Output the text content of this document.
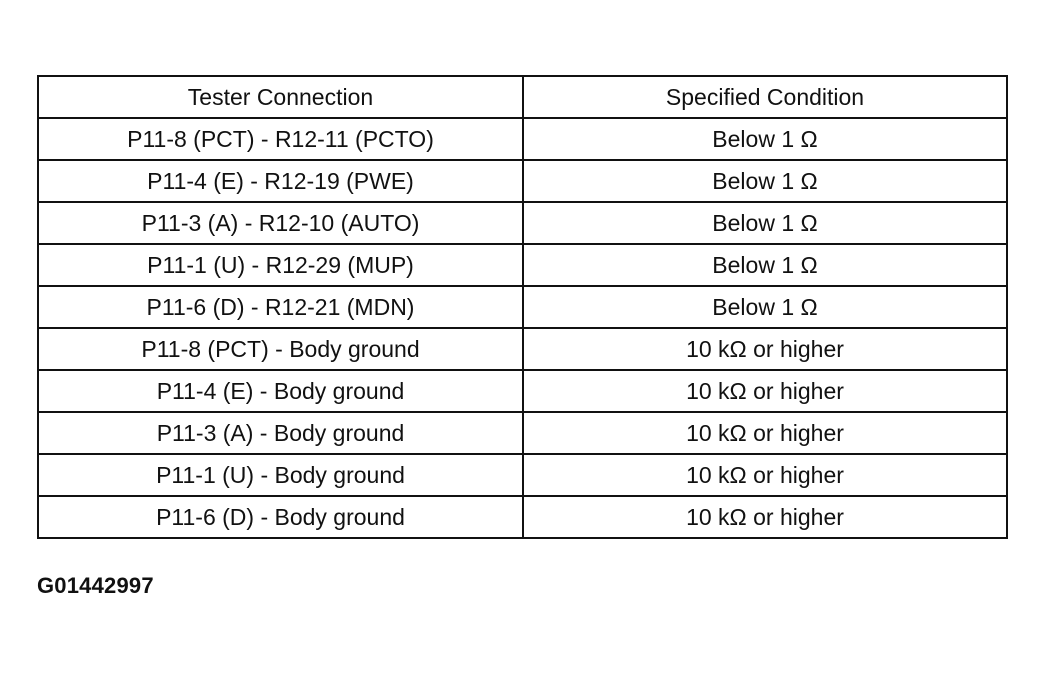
Tester Connection	Specified Condition
P11-8 (PCT) - R12-11 (PCTO)	Below 1 Ω
P11-4 (E) - R12-19 (PWE)	Below 1 Ω
P11-3 (A) - R12-10 (AUTO)	Below 1 Ω
P11-1 (U) - R12-29 (MUP)	Below 1 Ω
P11-6 (D) - R12-21 (MDN)	Below 1 Ω
P11-8 (PCT) - Body ground	10 kΩ or higher
P11-4 (E) - Body ground	10 kΩ or higher
P11-3 (A) - Body ground	10 kΩ or higher
P11-1 (U) - Body ground	10 kΩ or higher
P11-6 (D) - Body ground	10 kΩ or higher
G01442997
